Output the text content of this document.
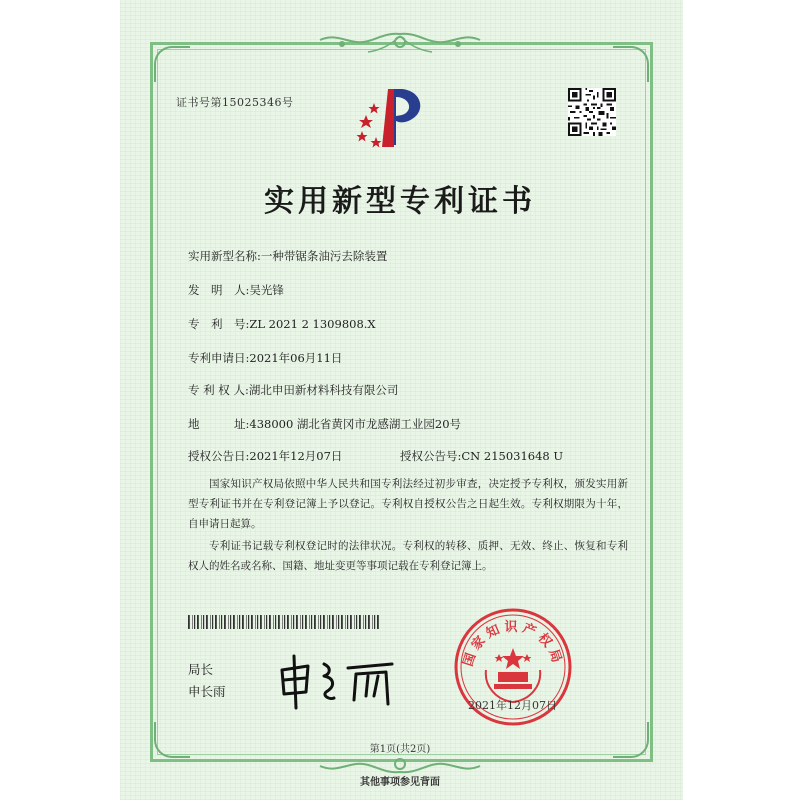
证书号第15025346号
实用新型专利证书
实用新型名称:一种带锯条油污去除装置
发　明　人:吴光锋
专　利　号:ZL 2021 2 1309808.X
专利申请日:2021年06月11日
专 利 权 人:湖北申田新材料科技有限公司
地　　　址:438000 湖北省黄冈市龙感湖工业园20号
授权公告日:2021年12月07日	授权公告号:CN 215031648 U
国家知识产权局依照中华人民共和国专利法经过初步审查，决定授予专利权，颁发实用新型专利证书并在专利登记簿上予以登记。专利权自授权公告之日起生效。专利权期限为十年，自申请日起算。
专利证书记载专利权登记时的法律状况。专利权的转移、质押、无效、终止、恢复和专利权人的姓名或名称、国籍、地址变更等事项记载在专利登记簿上。
局长
申长雨
国家知识产权局
2021年12月07日
第1页(共2页)
其他事项参见背面
